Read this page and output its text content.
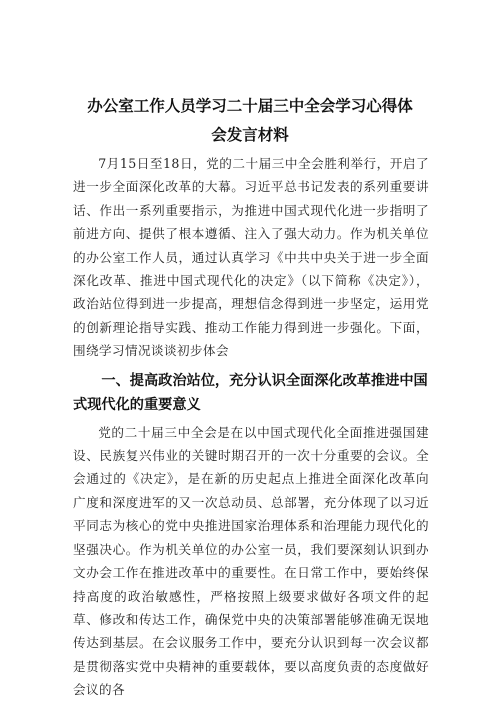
办公室工作人员学习二十届三中全会学习心得体会发言材料

7月15日至18日，党的二十届三中全会胜利举行，开启了进一步全面深化改革的大幕。习近平总书记发表的系列重要讲话、作出一系列重要指示，为推进中国式现代化进一步指明了前进方向、提供了根本遵循、注入了强大动力。作为机关单位的办公室工作人员，通过认真学习《中共中央关于进一步全面深化改革、推进中国式现代化的决定》（以下简称《决定》），政治站位得到进一步提高，理想信念得到进一步坚定，运用党的创新理论指导实践、推动工作能力得到进一步强化。下面，围绕学习情况谈谈初步体会

一、提高政治站位，充分认识全面深化改革推进中国式现代化的重要意义

党的二十届三中全会是在以中国式现代化全面推进强国建设、民族复兴伟业的关键时期召开的一次十分重要的会议。全会通过的《决定》，是在新的历史起点上推进全面深化改革向广度和深度进军的又一次总动员、总部署，充分体现了以习近平同志为核心的党中央推进国家治理体系和治理能力现代化的坚强决心。作为机关单位的办公室一员，我们要深刻认识到办文办会工作在推进改革中的重要性。在日常工作中，要始终保持高度的政治敏感性，严格按照上级要求做好各项文件的起草、修改和传达工作，确保党中央的决策部署能够准确无误地传达到基层。在会议服务工作中，要充分认识到每一次会议都是贯彻落实党中央精神的重要载体，要以高度负责的态度做好会议的各
